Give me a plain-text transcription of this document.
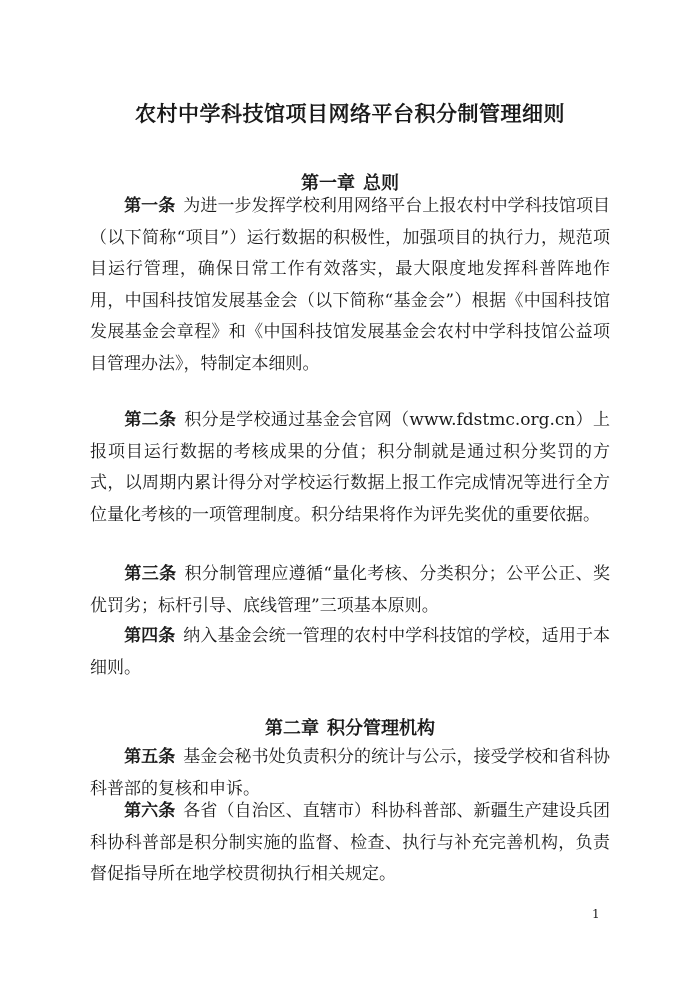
农村中学科技馆项目网络平台积分制管理细则
第一章 总则

第一条 为进一步发挥学校利用网络平台上报农村中学科技馆项目（以下简称“项目”）运行数据的积极性，加强项目的执行力，规范项目运行管理，确保日常工作有效落实，最大限度地发挥科普阵地作用，中国科技馆发展基金会（以下简称“基金会”）根据《中国科技馆发展基金会章程》和《中国科技馆发展基金会农村中学科技馆公益项目管理办法》，特制定本细则。

第二条 积分是学校通过基金会官网（www.fdstmc.org.cn）上报项目运行数据的考核成果的分值；积分制就是通过积分奖罚的方式，以周期内累计得分对学校运行数据上报工作完成情况等进行全方位量化考核的一项管理制度。积分结果将作为评先奖优的重要依据。

第三条 积分制管理应遵循“量化考核、分类积分；公平公正、奖优罚劣；标杆引导、底线管理”三项基本原则。

第四条 纳入基金会统一管理的农村中学科技馆的学校，适用于本细则。

第二章 积分管理机构

第五条 基金会秘书处负责积分的统计与公示，接受学校和省科协科普部的复核和申诉。

第六条 各省（自治区、直辖市）科协科普部、新疆生产建设兵团科协科普部是积分制实施的监督、检查、执行与补充完善机构，负责督促指导所在地学校贯彻执行相关规定。

1
